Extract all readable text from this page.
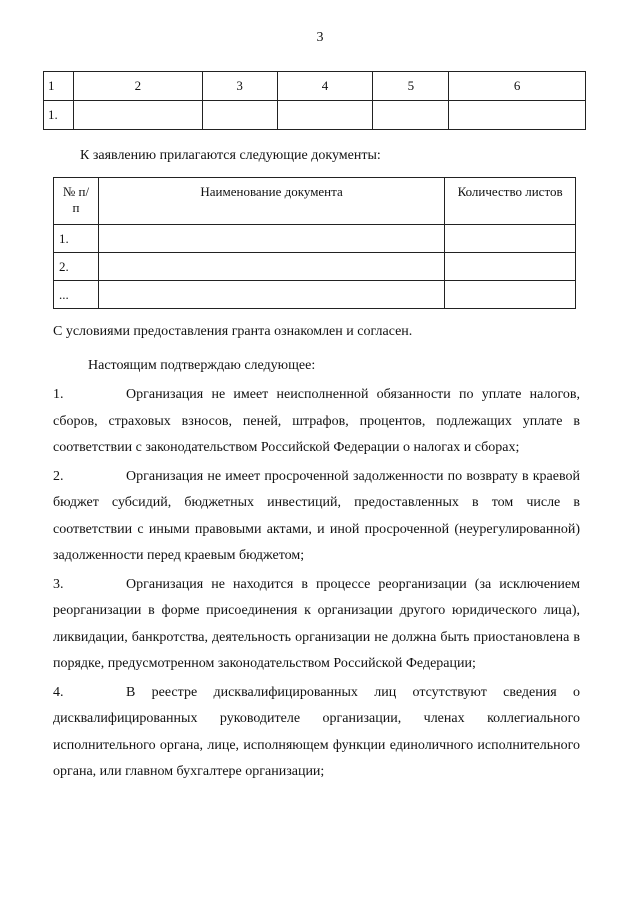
3
1	2	3	4	5	6
1.					
К заявлению прилагаются следующие документы:
№ п/п	Наименование документа	Количество листов
1.		
2.		
...		
С условиями предоставления гранта ознакомлен и согласен.
Настоящим подтверждаю следующее:

1.	Организация не имеет неисполненной обязанности по уплате налогов, сборов, страховых взносов, пеней, штрафов, процентов, подлежащих уплате в соответствии с законодательством Российской Федерации о налогах и сборах;

2.	Организация не имеет просроченной задолженности по возврату в краевой бюджет субсидий, бюджетных инвестиций, предоставленных в том числе в соответствии с иными правовыми актами, и иной просроченной (неурегулированной) задолженности перед краевым бюджетом;

3.	Организация не находится в процессе реорганизации (за исключением реорганизации в форме присоединения к организации другого юридического лица), ликвидации, банкротства, деятельность организации не должна быть приостановлена в порядке, предусмотренном законодательством Российской Федерации;

4.	В реестре дисквалифицированных лиц отсутствуют сведения о дисквалифицированных руководителе организации, членах коллегиального исполнительного органа, лице, исполняющем функции единоличного исполнительного органа, или главном бухгалтере организации;
